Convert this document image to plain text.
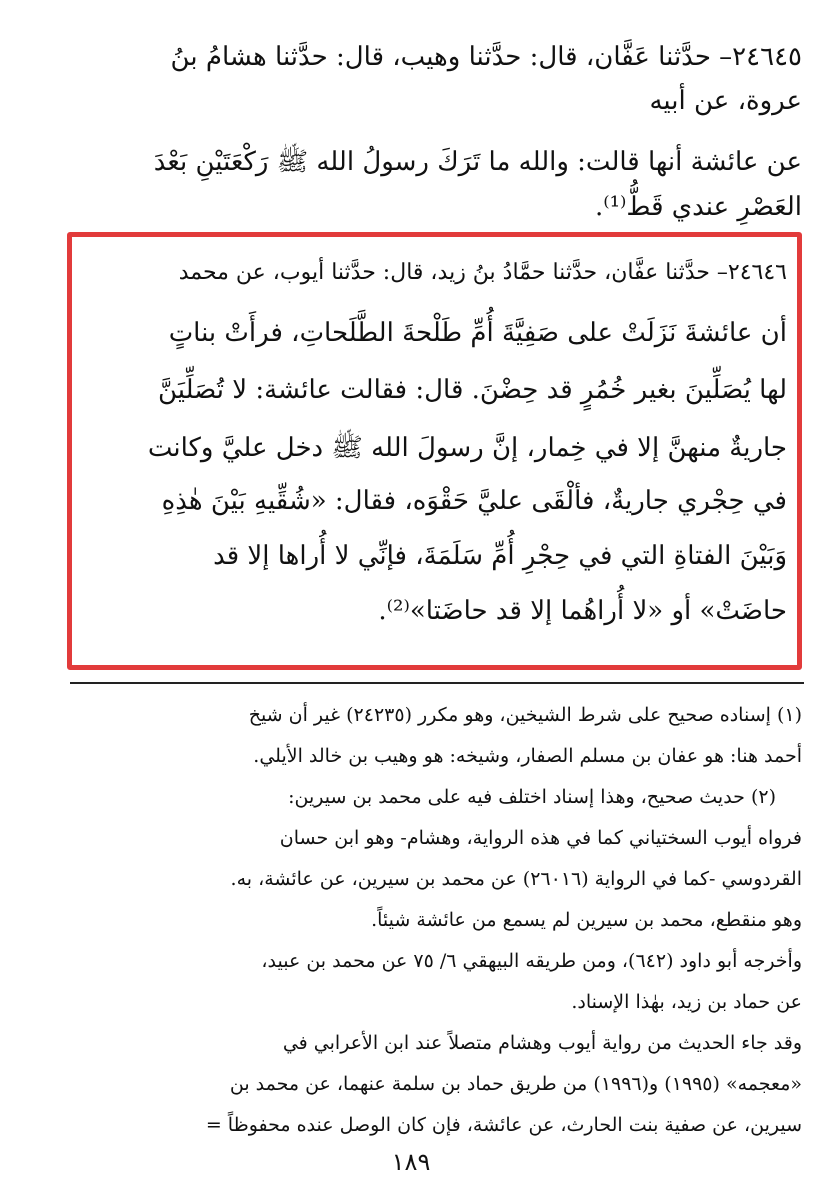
٢٤٦٤٥– حدَّثنا عَفَّان، قال: حدَّثنا وهيب، قال: حدَّثنا هشامُ بنُ
عروة، عن أبيه
عن عائشة أنها قالت: والله ما تَرَكَ رسولُ الله ﷺ رَكْعَتَيْنِ بَعْدَ
العَصْرِ عندي قَطُّ⁽¹⁾.
٢٤٦٤٦– حدَّثنا عفَّان، حدَّثنا حمَّادُ بنُ زيد، قال: حدَّثنا أيوب، عن محمد
أن عائشةَ نَزَلَتْ على صَفِيَّةَ أُمِّ طَلْحةَ الطَّلَحاتِ، فرأَتْ بناتٍ
لها يُصَلِّينَ بغير خُمُرٍ قد حِضْنَ. قال: فقالت عائشة: لا تُصَلِّيَنَّ
جاريةٌ منهنَّ إلا في خِمار، إنَّ رسولَ الله ﷺ دخل عليَّ وكانت
في حِجْري جاريةٌ، فألْقَى عليَّ حَقْوَه، فقال: «شُقِّيهِ بَيْنَ هٰذِهِ
وَبَيْنَ الفتاةِ التي في حِجْرِ أُمِّ سَلَمَةَ، فإنِّي لا أُراها إلا قد
حاضَتْ» أو «لا أُراهُما إلا قد حاضَتا»⁽²⁾.
(١) إسناده صحيح على شرط الشيخين، وهو مكرر (٢٤٢٣٥) غير أن شيخ
أحمد هنا: هو عفان بن مسلم الصفار، وشيخه: هو وهيب بن خالد الأيلي.
(٢) حديث صحيح، وهذا إسناد اختلف فيه على محمد بن سيرين:
فرواه أيوب السختياني كما في هذه الرواية، وهشام- وهو ابن حسان
القردوسي -كما في الرواية (٢٦٠١٦) عن محمد بن سيرين، عن عائشة، به.
وهو منقطع، محمد بن سيرين لم يسمع من عائشة شيئاً.
وأخرجه أبو داود (٦٤٢)، ومن طريقه البيهقي ٦/ ٧٥ عن محمد بن عبيد،
عن حماد بن زيد، بهٰذا الإسناد.
وقد جاء الحديث من رواية أيوب وهشام متصلاً عند ابن الأعرابي في
«معجمه» (١٩٩٥) و(١٩٩٦) من طريق حماد بن سلمة عنهما، عن محمد بن
سيرين، عن صفية بنت الحارث، عن عائشة، فإن كان الوصل عنده محفوظاً =
١٨٩
